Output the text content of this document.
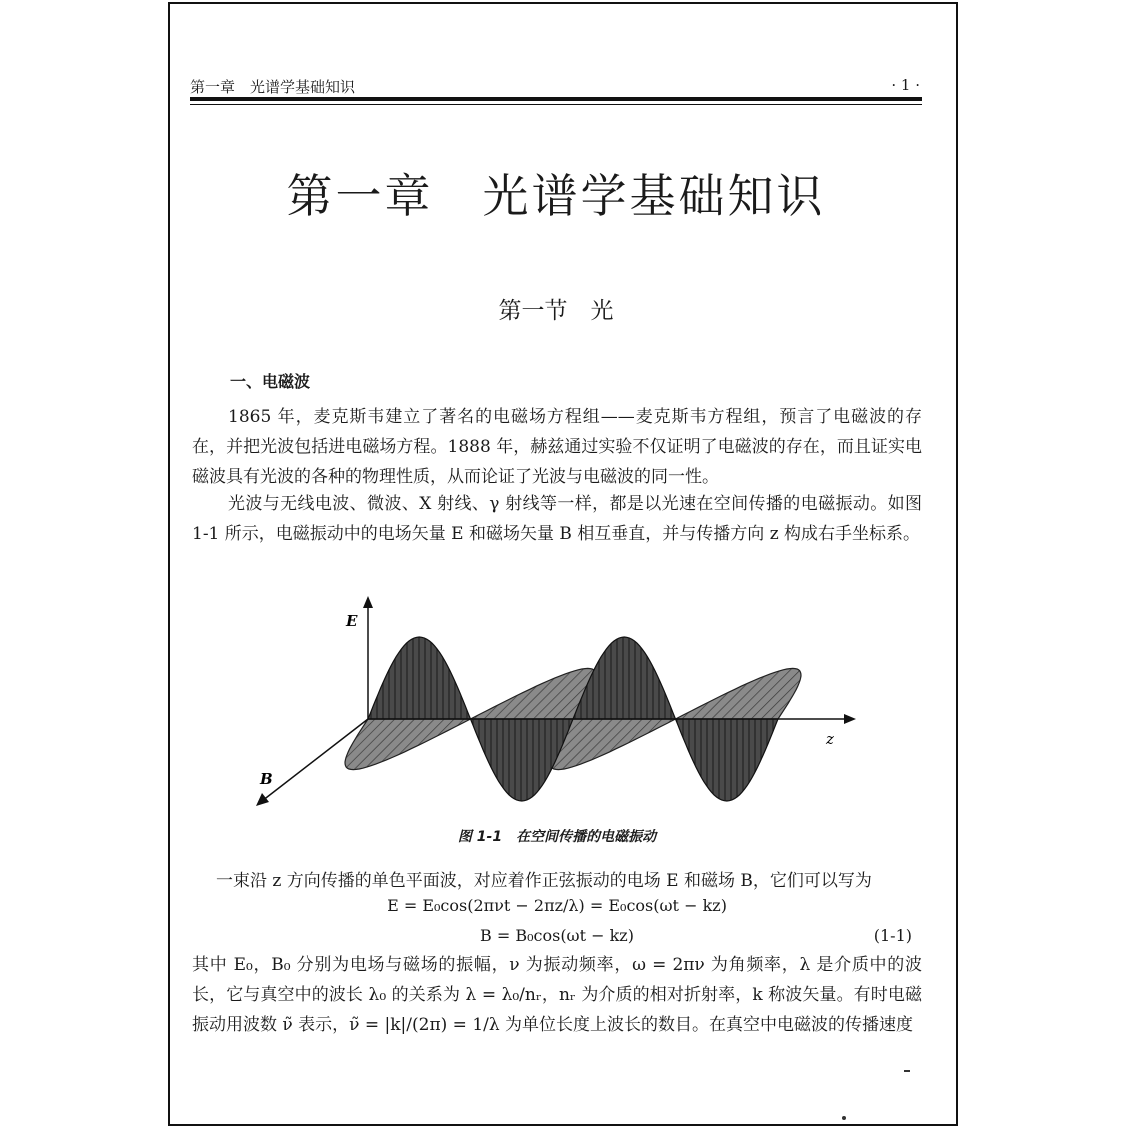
第一章　光谱学基础知识	· 1 ·
第一章　光谱学基础知识
第一节　光
一、电磁波

1865 年，麦克斯韦建立了著名的电磁场方程组——麦克斯韦方程组，预言了电磁波的存在，并把光波包括进电磁场方程。1888 年，赫兹通过实验不仅证明了电磁波的存在，而且证实电磁波具有光波的各种的物理性质，从而论证了光波与电磁波的同一性。

光波与无线电波、微波、X 射线、γ 射线等一样，都是以光速在空间传播的电磁振动。如图 1-1 所示，电磁振动中的电场矢量 E 和磁场矢量 B 相互垂直，并与传播方向 z 构成右手坐标系。

E
B
z
图 1-1　在空间传播的电磁振动

一束沿 z 方向传播的单色平面波，对应着作正弦振动的电场 E 和磁场 B，它们可以写为

E = E₀cos(2πνt − 2πz/λ) = E₀cos(ωt − kz)
B = B₀cos(ωt − kz)	(1-1)

其中 E₀，B₀ 分别为电场与磁场的振幅，ν 为振动频率，ω = 2πν 为角频率，λ 是介质中的波长，它与真空中的波长 λ₀ 的关系为 λ = λ₀/nᵣ，nᵣ 为介质的相对折射率，k 称波矢量。有时电磁振动用波数 ν̃ 表示，ν̃ = |k|/(2π) = 1/λ 为单位长度上波长的数目。在真空中电磁波的传播速度
